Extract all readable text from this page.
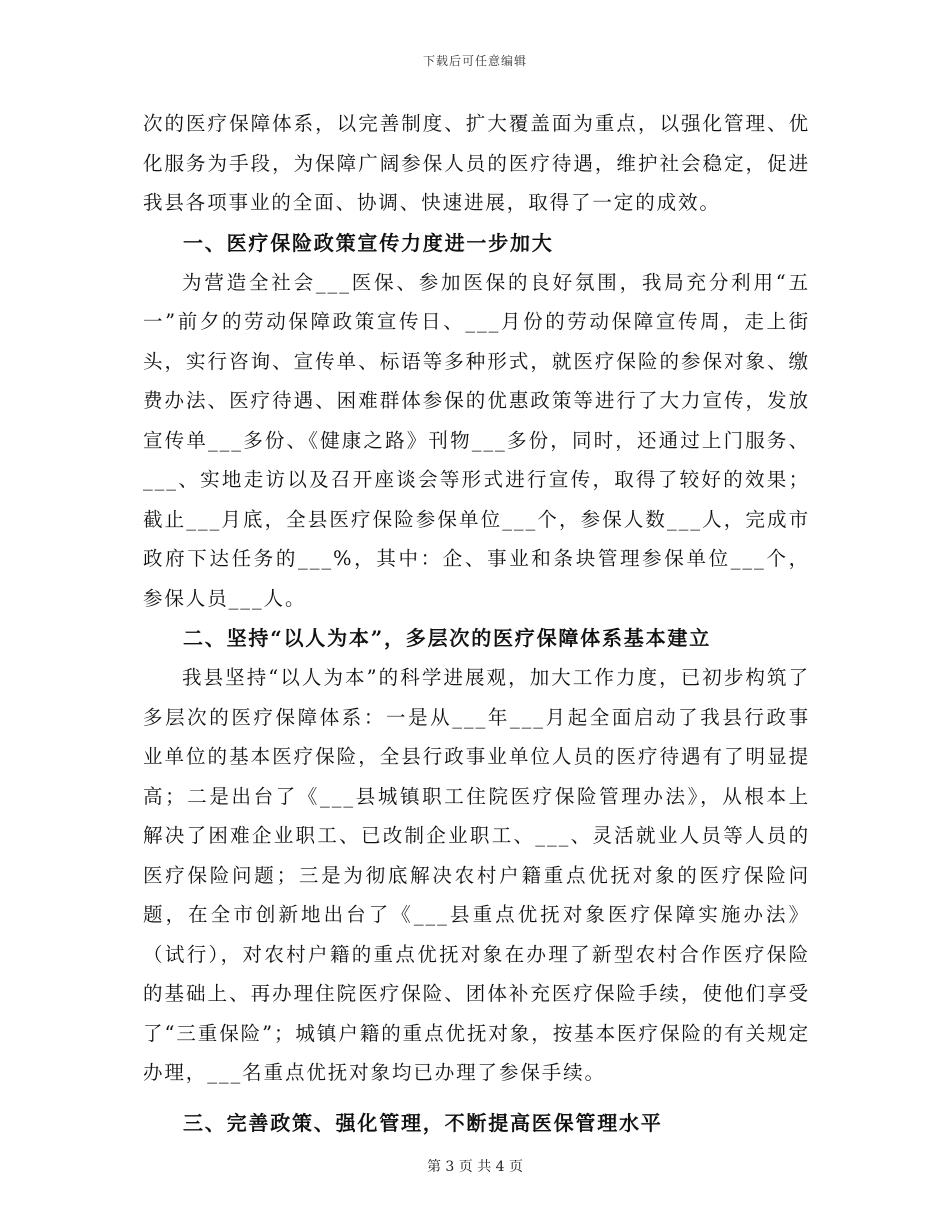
下载后可任意编辑

次的医疗保障体系，以完善制度、扩大覆盖面为重点，以强化管理、优化服务为手段，为保障广阔参保人员的医疗待遇，维护社会稳定，促进我县各项事业的全面、协调、快速进展，取得了一定的成效。

一、医疗保险政策宣传力度进一步加大

为营造全社会___医保、参加医保的良好氛围，我局充分利用“五一”前夕的劳动保障政策宣传日、___月份的劳动保障宣传周，走上街头，实行咨询、宣传单、标语等多种形式，就医疗保险的参保对象、缴费办法、医疗待遇、困难群体参保的优惠政策等进行了大力宣传，发放宣传单___多份、《健康之路》刊物___多份，同时，还通过上门服务、___、实地走访以及召开座谈会等形式进行宣传，取得了较好的效果；截止___月底，全县医疗保险参保单位___个，参保人数___人，完成市政府下达任务的___%，其中：企、事业和条块管理参保单位___个，参保人员___人。

二、坚持“以人为本”，多层次的医疗保障体系基本建立

我县坚持“以人为本”的科学进展观，加大工作力度，已初步构筑了多层次的医疗保障体系：一是从___年___月起全面启动了我县行政事业单位的基本医疗保险，全县行政事业单位人员的医疗待遇有了明显提高；二是出台了《___县城镇职工住院医疗保险管理办法》，从根本上解决了困难企业职工、已改制企业职工、___、灵活就业人员等人员的医疗保险问题；三是为彻底解决农村户籍重点优抚对象的医疗保险问题，在全市创新地出台了《___县重点优抚对象医疗保障实施办法》（试行），对农村户籍的重点优抚对象在办理了新型农村合作医疗保险的基础上、再办理住院医疗保险、团体补充医疗保险手续，使他们享受了“三重保险”；城镇户籍的重点优抚对象，按基本医疗保险的有关规定办理，___名重点优抚对象均已办理了参保手续。

三、完善政策、强化管理，不断提高医保管理水平

第 3 页 共 4 页
